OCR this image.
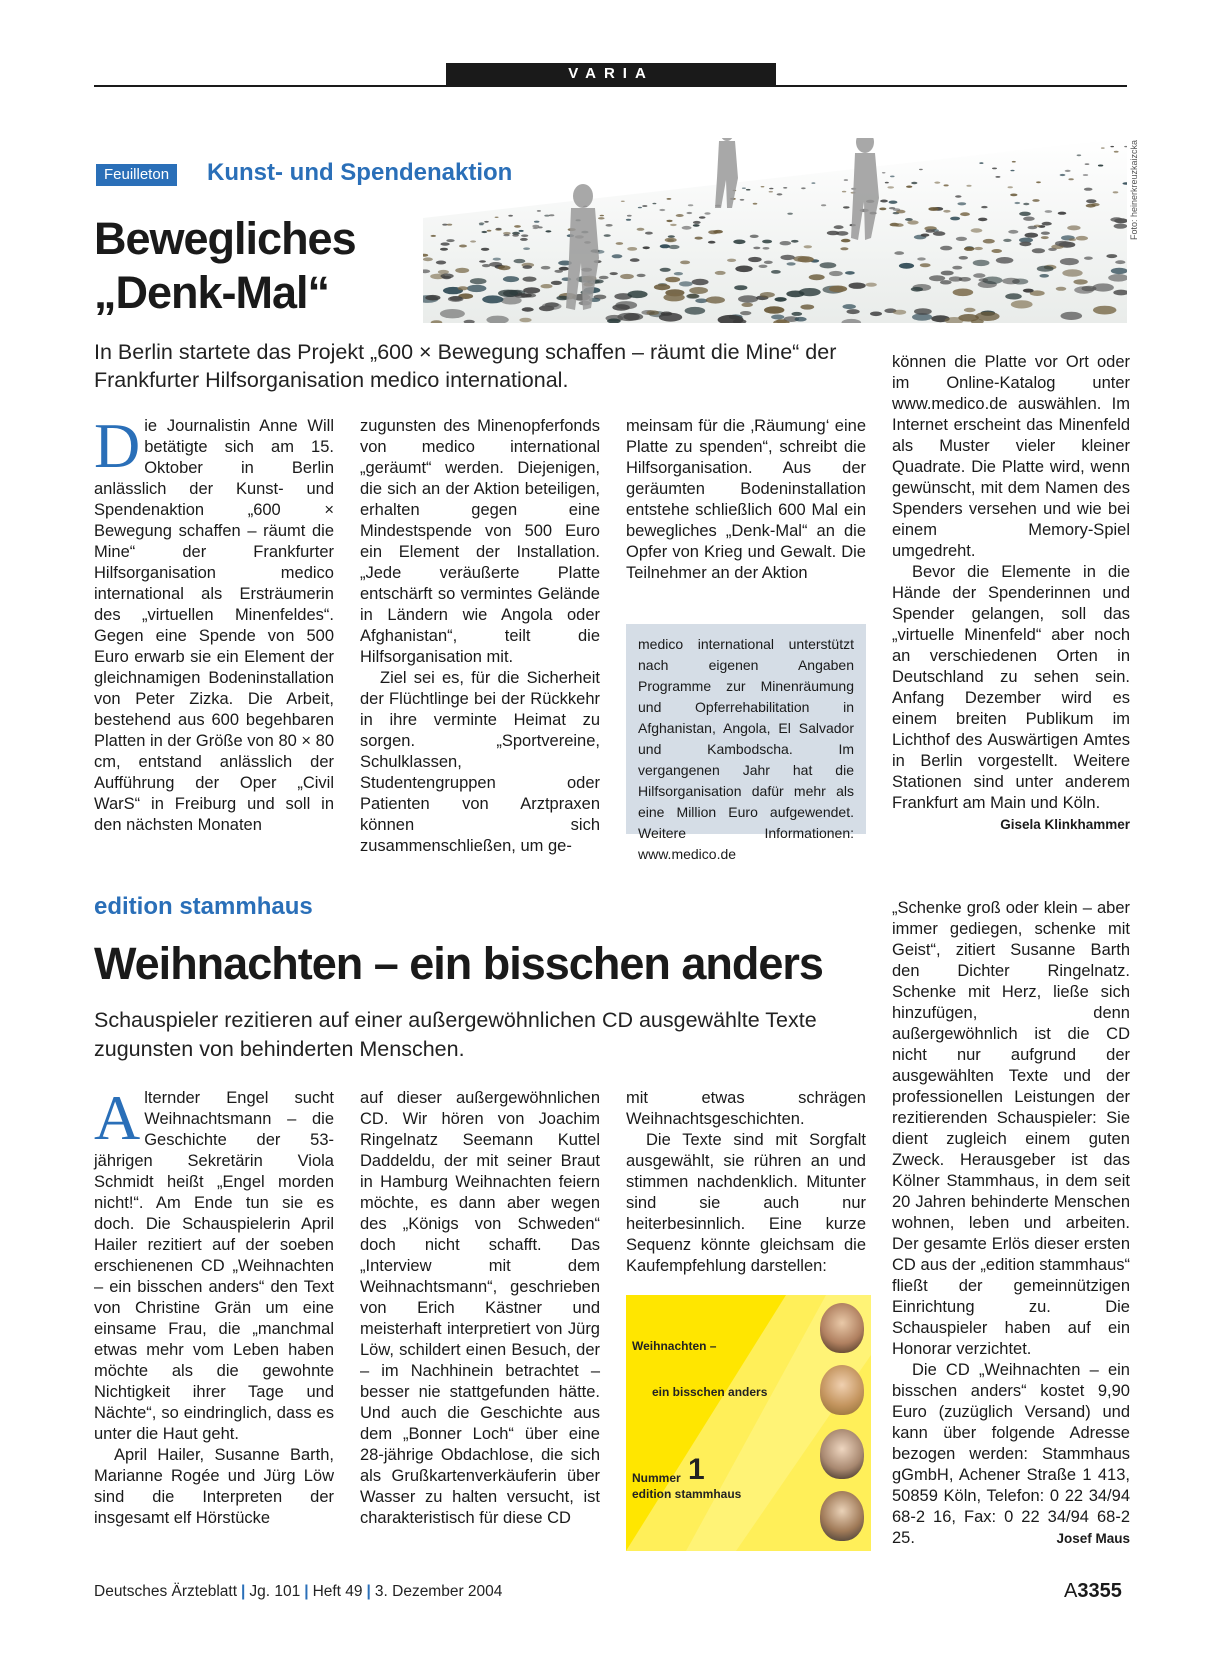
VARIA
Feuilleton	Kunst- und Spendenaktion
Bewegliches
„Denk-Mal“
Foto: heinerkreuzkaizcka
In Berlin startete das Projekt „600 × Bewegung schaffen – räumt die Mine“ der Frankfurter Hilfsorganisation medico international.
D ie Journalistin Anne Will betätigte sich am 15. Oktober in Berlin anlässlich der Kunst- und Spendenaktion „600 × Bewegung schaffen – räumt die Mine“ der Frankfurter Hilfsorganisation medico international als Ersträumerin des „virtuellen Minenfeldes“. Gegen eine Spende von 500 Euro erwarb sie ein Element der gleichnamigen Bodeninstallation von Peter Zizka. Die Arbeit, bestehend aus 600 begehbaren Platten in der Größe von 80 × 80 cm, entstand anlässlich der Aufführung der Oper „Civil WarS“ in Freiburg und soll in den nächsten Monaten

zugunsten des Minenopferfonds von medico international „geräumt“ werden. Diejenigen, die sich an der Aktion beteiligen, erhalten gegen eine Mindestspende von 500 Euro ein Element der Installation. „Jede veräußerte Platte entschärft so vermintes Gelände in Ländern wie Angola oder Afghanistan“, teilt die Hilfsorganisation mit.

Ziel sei es, für die Sicherheit der Flüchtlinge bei der Rückkehr in ihre verminte Heimat zu sorgen. „Sportvereine, Schulklassen, Studentengruppen oder Patienten von Arztpraxen können sich zusammenschließen, um ge-

meinsam für die ‚Räumung‘ eine Platte zu spenden“, schreibt die Hilfsorganisation. Aus der geräumten Bodeninstallation entstehe schließlich 600 Mal ein bewegliches „Denk-Mal“ an die Opfer von Krieg und Gewalt. Die Teilnehmer an der Aktion

medico international unterstützt nach eigenen Angaben Programme zur Minenräumung und Opferrehabilitation in Afghanistan, Angola, El Salvador und Kambodscha. Im vergangenen Jahr hat die Hilfsorganisation dafür mehr als eine Million Euro aufgewendet. Weitere Informationen: www.medico.de

können die Platte vor Ort oder im Online-Katalog unter www.medico.de auswählen. Im Internet erscheint das Minenfeld als Muster vieler kleiner Quadrate. Die Platte wird, wenn gewünscht, mit dem Namen des Spenders versehen und wie bei einem Memory-Spiel umgedreht.

Bevor die Elemente in die Hände der Spenderinnen und Spender gelangen, soll das „virtuelle Minenfeld“ aber noch an verschiedenen Orten in Deutschland zu sehen sein. Anfang Dezember wird es einem breiten Publikum im Lichthof des Auswärtigen Amtes in Berlin vorgestellt. Weitere Stationen sind unter anderem Frankfurt am Main und Köln.
Gisela Klinkhammer

edition stammhaus
Weihnachten – ein bisschen anders
Schauspieler rezitieren auf einer außergewöhnlichen CD ausgewählte Texte zugunsten von behinderten Menschen.

Alternder Engel sucht Weihnachtsmann – die Geschichte der 53-jährigen Sekretärin Viola Schmidt heißt „Engel morden nicht!“. Am Ende tun sie es doch. Die Schauspielerin April Hailer rezitiert auf der soeben erschienenen CD „Weihnachten – ein bisschen anders“ den Text von Christine Grän um eine einsame Frau, die „manchmal etwas mehr vom Leben haben möchte als die gewohnte Nichtigkeit ihrer Tage und Nächte“, so eindringlich, dass es unter die Haut geht.

April Hailer, Susanne Barth, Marianne Rogée und Jürg Löw sind die Interpreten der insgesamt elf Hörstücke

auf dieser außergewöhnlichen CD. Wir hören von Joachim Ringelnatz Seemann Kuttel Daddeldu, der mit seiner Braut in Hamburg Weihnachten feiern möchte, es dann aber wegen des „Königs von Schweden“ doch nicht schafft. Das „Interview mit dem Weihnachtsmann“, geschrieben von Erich Kästner und meisterhaft interpretiert von Jürg Löw, schildert einen Besuch, der – im Nachhinein betrachtet – besser nie stattgefunden hätte. Und auch die Geschichte aus dem „Bonner Loch“ über eine 28-jährige Obdachlose, die sich als Grußkartenverkäuferin über Wasser zu halten versucht, ist charakteristisch für diese CD

mit etwas schrägen Weihnachtsgeschichten.

Die Texte sind mit Sorgfalt ausgewählt, sie rühren an und stimmen nachdenklich. Mitunter sind sie auch nur heiterbesinnlich. Eine kurze Sequenz könnte gleichsam die Kaufempfehlung darstellen:

Weihnachten –
ein bisschen anders
Nummer 1
edition stammhaus

„Schenke groß oder klein – aber immer gediegen, schenke mit Geist“, zitiert Susanne Barth den Dichter Ringelnatz. Schenke mit Herz, ließe sich hinzufügen, denn außergewöhnlich ist die CD nicht nur aufgrund der ausgewählten Texte und der professionellen Leistungen der rezitierenden Schauspieler: Sie dient zugleich einem guten Zweck. Herausgeber ist das Kölner Stammhaus, in dem seit 20 Jahren behinderte Menschen wohnen, leben und arbeiten. Der gesamte Erlös dieser ersten CD aus der „edition stammhaus“ fließt der gemeinnützigen Einrichtung zu. Die Schauspieler haben auf ein Honorar verzichtet.

Die CD „Weihnachten – ein bisschen anders“ kostet 9,90 Euro (zuzüglich Versand) und kann über folgende Adresse bezogen werden: Stammhaus gGmbH, Achener Straße 1 413, 50859 Köln, Telefon: 0 22 34/94 68-2 16, Fax: 0 22 34/94 68-2 25.	Josef Maus

Deutsches Ärzteblatt | Jg. 101 | Heft 49 | 3. Dezember 2004	A3355
